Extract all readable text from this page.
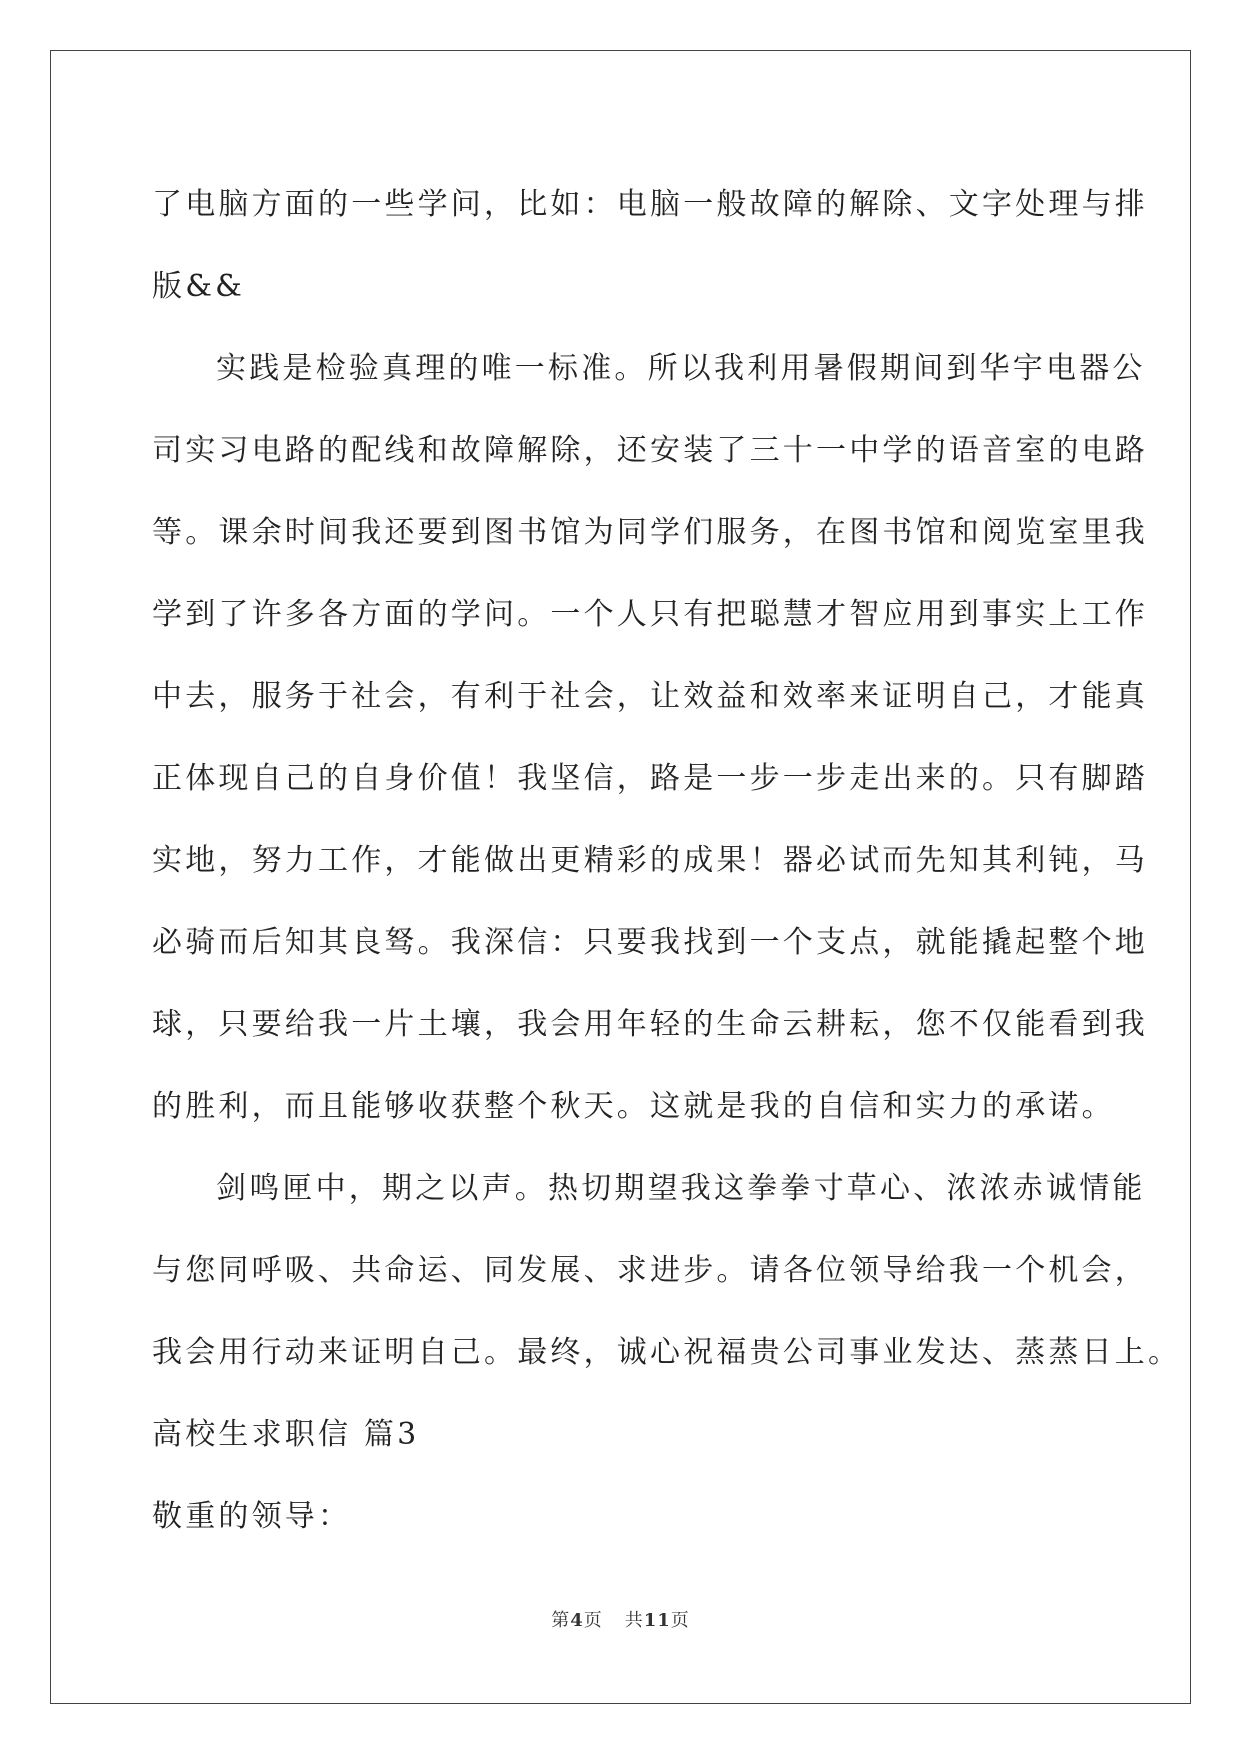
了电脑方面的一些学问，比如：电脑一般故障的解除、文字处理与排
版&&
实践是检验真理的唯一标准。所以我利用暑假期间到华宇电器公
司实习电路的配线和故障解除，还安装了三十一中学的语音室的电路
等。课余时间我还要到图书馆为同学们服务，在图书馆和阅览室里我
学到了许多各方面的学问。一个人只有把聪慧才智应用到事实上工作
中去，服务于社会，有利于社会，让效益和效率来证明自己，才能真
正体现自己的自身价值！我坚信，路是一步一步走出来的。只有脚踏
实地，努力工作，才能做出更精彩的成果！器必试而先知其利钝，马
必骑而后知其良驽。我深信：只要我找到一个支点，就能撬起整个地
球，只要给我一片土壤，我会用年轻的生命云耕耘，您不仅能看到我
的胜利，而且能够收获整个秋天。这就是我的自信和实力的承诺。
剑鸣匣中，期之以声。热切期望我这拳拳寸草心、浓浓赤诚情能
与您同呼吸、共命运、同发展、求进步。请各位领导给我一个机会，
我会用行动来证明自己。最终，诚心祝福贵公司事业发达、蒸蒸日上。
高校生求职信 篇3
敬重的领导：
第4页 共11页
